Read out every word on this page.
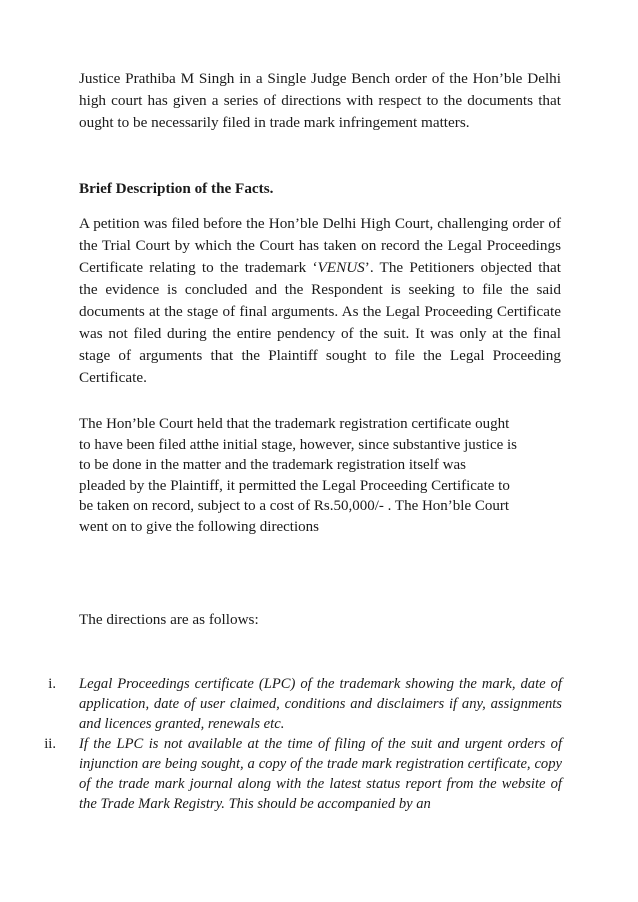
Justice Prathiba M Singh in a Single Judge Bench order of the Hon’ble Delhi high court has given a series of directions with respect to the documents that ought to be necessarily filed in trade mark infringement matters.

Brief Description of the Facts.

A petition was filed before the Hon’ble Delhi High Court, challenging order of the Trial Court by which the Court has taken on record the Legal Proceedings Certificate relating to the trademark ‘VENUS’. The Petitioners objected that the evidence is concluded and the Respondent is seeking to file the said documents at the stage of final arguments. As the Legal Proceeding Certificate was not filed during the entire pendency of the suit. It was only at the final stage of arguments that the Plaintiff sought to file the Legal Proceeding Certificate.

The Hon’ble Court held that the trademark registration certificate ought
to have been filed atthe initial stage, however, since substantive justice is
to be done in the matter and the trademark registration itself was
pleaded by the Plaintiff, it permitted the Legal Proceeding Certificate to
be taken on record, subject to a cost of Rs.50,000/- . The Hon’ble Court
went on to give the following directions

The directions are as follows:

i. Legal Proceedings certificate (LPC) of the trademark showing the mark, date of application, date of user claimed, conditions and disclaimers if any, assignments and licences granted, renewals etc.
ii. If the LPC is not available at the time of filing of the suit and urgent orders of injunction are being sought, a copy of the trade mark registration certificate, copy of the trade mark journal along with the latest status report from the website of the Trade Mark Registry. This should be accompanied by an
